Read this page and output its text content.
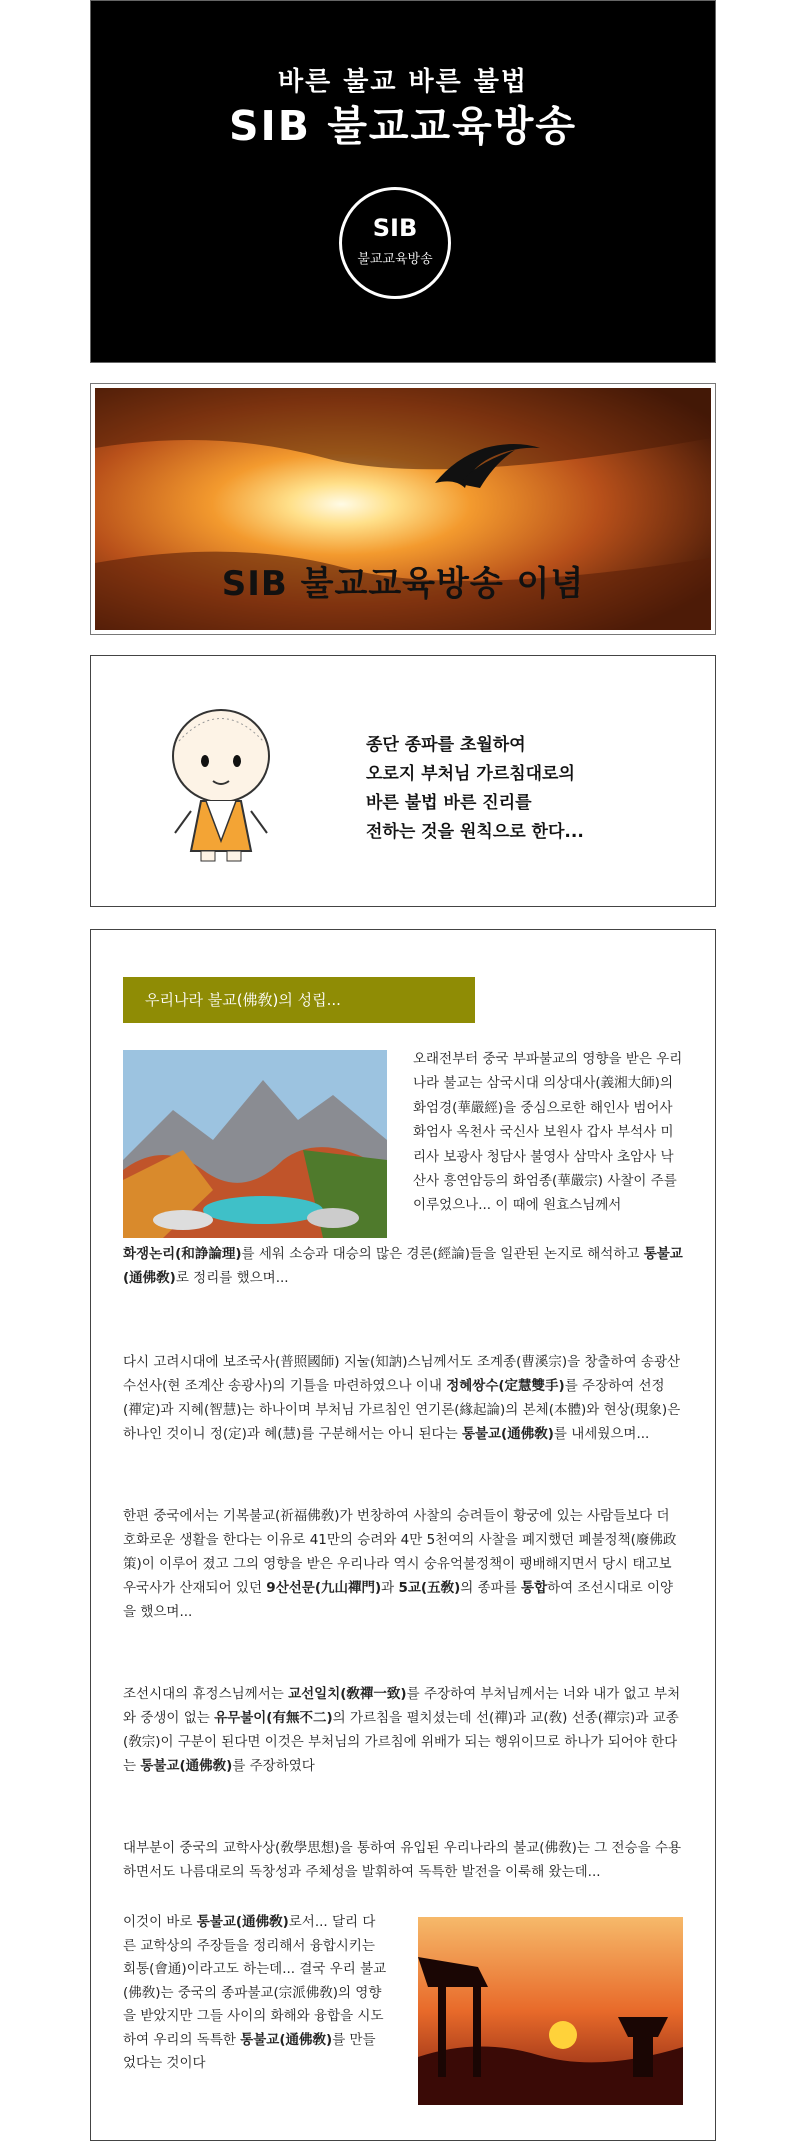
바른 불교 바른 불법
SIB 불교교육방송
SIB
불교교육방송
SIB 불교교육방송 이념
종단 종파를 초월하여
오로지 부처님 가르침대로의
바른 불법 바른 진리를
전하는 것을 원칙으로 한다...
우리나라 불교(佛敎)의 성립...
오래전부터 중국 부파불교의 영향을 받은 우리나라 불교는 삼국시대 의상대사(義湘大師)의 화엄경(華嚴經)을 중심으로한 해인사 범어사 화엄사 옥천사 국신사 보원사 갑사 부석사 미리사 보광사 청담사 불영사 삼막사 초암사 낙산사 흥연암등의 화엄종(華嚴宗) 사찰이 주를 이루었으나... 이 때에 원효스님께서
화쟁논리(和諍論理)를 세워 소승과 대승의 많은 경론(經論)들을 일관된 논지로 해석하고 통불교(通佛敎)로 정리를 했으며...
다시 고려시대에 보조국사(普照國師) 지눌(知訥)스님께서도 조계종(曹溪宗)을 창출하여 송광산 수선사(현 조계산 송광사)의 기틀을 마련하였으나 이내 정혜쌍수(定慧雙手)를 주장하여 선정(禪定)과 지혜(智慧)는 하나이며 부처님 가르침인 연기론(緣起論)의 본체(本體)와 현상(現象)은 하나인 것이니 정(定)과 혜(慧)를 구분해서는 아니 된다는 통불교(通佛敎)를 내세웠으며...
한편 중국에서는 기복불교(祈福佛敎)가 번창하여 사찰의 승려들이 황궁에 있는 사람들보다 더 호화로운 생활을 한다는 이유로 41만의 승려와 4만 5천여의 사찰을 폐지했던 폐불정책(廢佛政策)이 이루어 졌고 그의 영향을 받은 우리나라 역시 숭유억불정책이 팽배해지면서 당시 태고보우국사가 산재되어 있던 9산선문(九山禪門)과 5교(五敎)의 종파를 통합하여 조선시대로 이양을 했으며...
조선시대의 휴정스님께서는 교선일치(敎禪一致)를 주장하여 부처님께서는 너와 내가 없고 부처와 중생이 없는 유무불이(有無不二)의 가르침을 펼치셨는데 선(禪)과 교(敎) 선종(禪宗)과 교종(敎宗)이 구분이 된다면 이것은 부처님의 가르침에 위배가 되는 행위이므로 하나가 되어야 한다는 통불교(通佛敎)를 주장하였다
대부분이 중국의 교학사상(敎學思想)을 통하여 유입된 우리나라의 불교(佛敎)는 그 전승을 수용하면서도 나름대로의 독창성과 주체성을 발휘하여 독특한 발전을 이룩해 왔는데...
이것이 바로 통불교(通佛敎)로서... 달리 다른 교학상의 주장들을 정리해서 융합시키는 회통(會通)이라고도 하는데... 결국 우리 불교(佛敎)는 중국의 종파불교(宗派佛敎)의 영향을 받았지만 그들 사이의 화해와 융합을 시도하여 우리의 독특한 통불교(通佛敎)를 만들었다는 것이다
